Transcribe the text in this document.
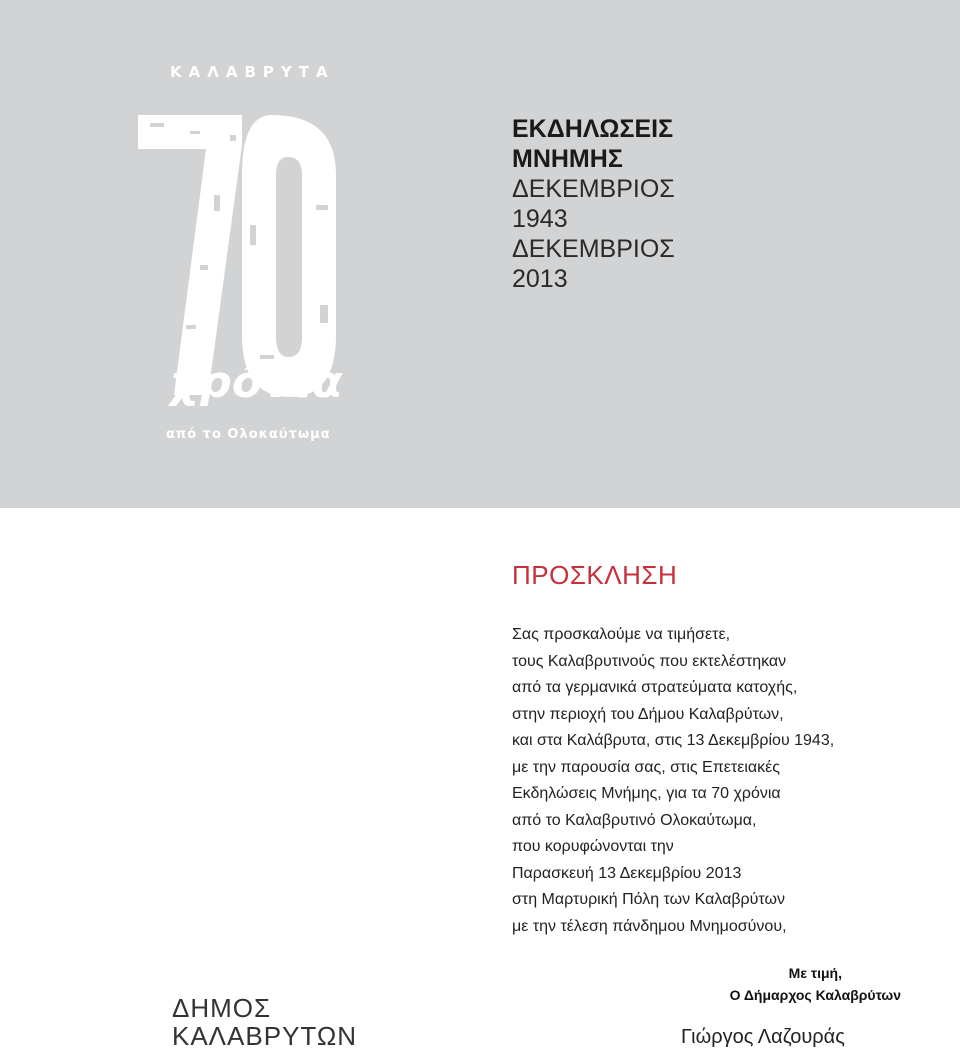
ΚΑΛΑΒΡΥΤΑ
χρόνια
από το Ολοκαύτωμα
ΕΚΔΗΛΩΣΕΙΣ
ΜΝΗΜΗΣ
ΔΕΚΕΜΒΡΙΟΣ
1943
ΔΕΚΕΜΒΡΙΟΣ
2013
ΠΡΟΣΚΛΗΣΗ
Σας προσκαλούμε να τιμήσετε,
τους Καλαβρυτινούς που εκτελέστηκαν
από τα γερμανικά στρατεύματα κατοχής,
στην περιοχή του Δήμου Καλαβρύτων,
και στα Καλάβρυτα, στις 13 Δεκεμβρίου 1943,
με την παρουσία σας, στις Επετειακές
Εκδηλώσεις Μνήμης, για τα 70 χρόνια
από το Καλαβρυτινό Ολοκαύτωμα,
που κορυφώνονται την
Παρασκευή 13 Δεκεμβρίου 2013
στη Μαρτυρική Πόλη των Καλαβρύτων
με την τέλεση πάνδημου Μνημοσύνου,
ΔΗΜΟΣ
ΚΑΛΑΒΡΥΤΩΝ
Με τιμή,
Ο Δήμαρχος Καλαβρύτων
Γιώργος Λαζουράς
